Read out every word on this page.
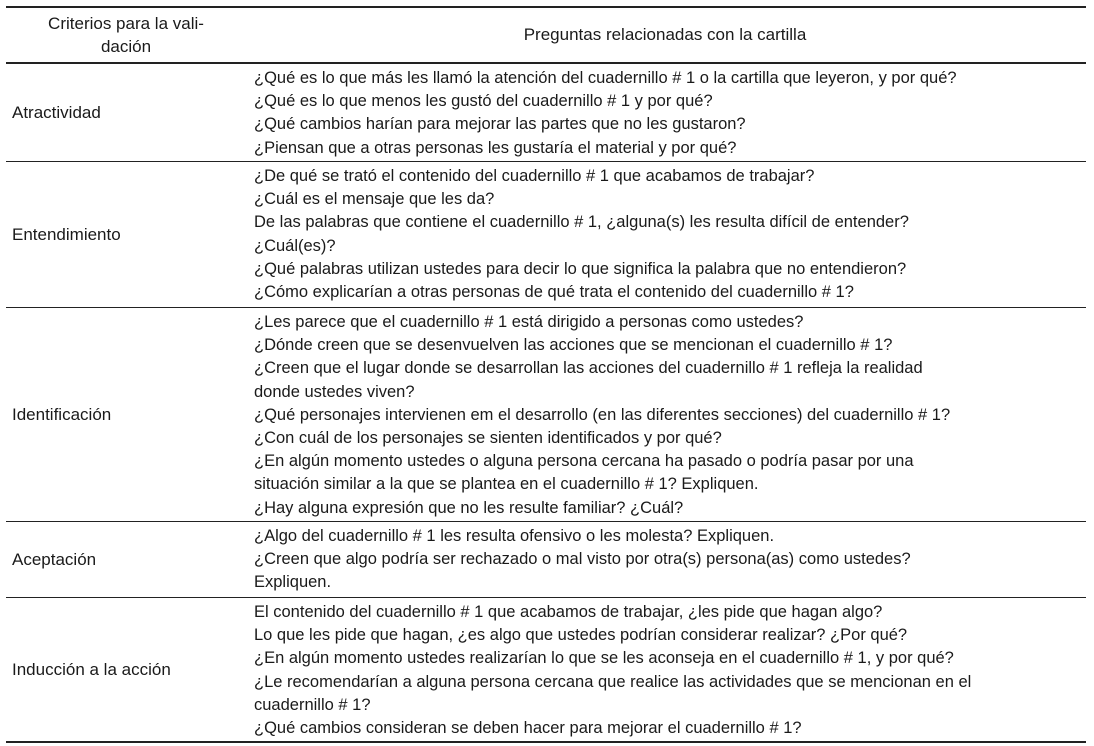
Criterios para la vali-
dación
Preguntas relacionadas con la cartilla
Atractividad
¿Qué es lo que más les llamó la atención del cuadernillo # 1 o la cartilla que leyeron, y por qué?
¿Qué es lo que menos les gustó del cuadernillo # 1 y por qué?
¿Qué cambios harían para mejorar las partes que no les gustaron?
¿Piensan que a otras personas les gustaría el material y por qué?
Entendimiento
¿De qué se trató el contenido del cuadernillo # 1 que acabamos de trabajar?
¿Cuál es el mensaje que les da?
De las palabras que contiene el cuadernillo # 1, ¿alguna(s) les resulta difícil de entender?
¿Cuál(es)?
¿Qué palabras utilizan ustedes para decir lo que significa la palabra que no entendieron?
¿Cómo explicarían a otras personas de qué trata el contenido del cuadernillo # 1?
Identificación
¿Les parece que el cuadernillo # 1 está dirigido a personas como ustedes?
¿Dónde creen que se desenvuelven las acciones que se mencionan el cuadernillo # 1?
¿Creen que el lugar donde se desarrollan las acciones del cuadernillo # 1 refleja la realidad
donde ustedes viven?
¿Qué personajes intervienen em el desarrollo (en las diferentes secciones) del cuadernillo # 1?
¿Con cuál de los personajes se sienten identificados y por qué?
¿En algún momento ustedes o alguna persona cercana ha pasado o podría pasar por una
situación similar a la que se plantea en el cuadernillo # 1? Expliquen.
¿Hay alguna expresión que no les resulte familiar? ¿Cuál?
Aceptación
¿Algo del cuadernillo # 1 les resulta ofensivo o les molesta? Expliquen.
¿Creen que algo podría ser rechazado o mal visto por otra(s) persona(as) como ustedes?
Expliquen.
Inducción a la acción
El contenido del cuadernillo # 1 que acabamos de trabajar, ¿les pide que hagan algo?
Lo que les pide que hagan, ¿es algo que ustedes podrían considerar realizar? ¿Por qué?
¿En algún momento ustedes realizarían lo que se les aconseja en el cuadernillo # 1, y por qué?
¿Le recomendarían a alguna persona cercana que realice las actividades que se mencionan en el
cuadernillo # 1?
¿Qué cambios consideran se deben hacer para mejorar el cuadernillo # 1?
